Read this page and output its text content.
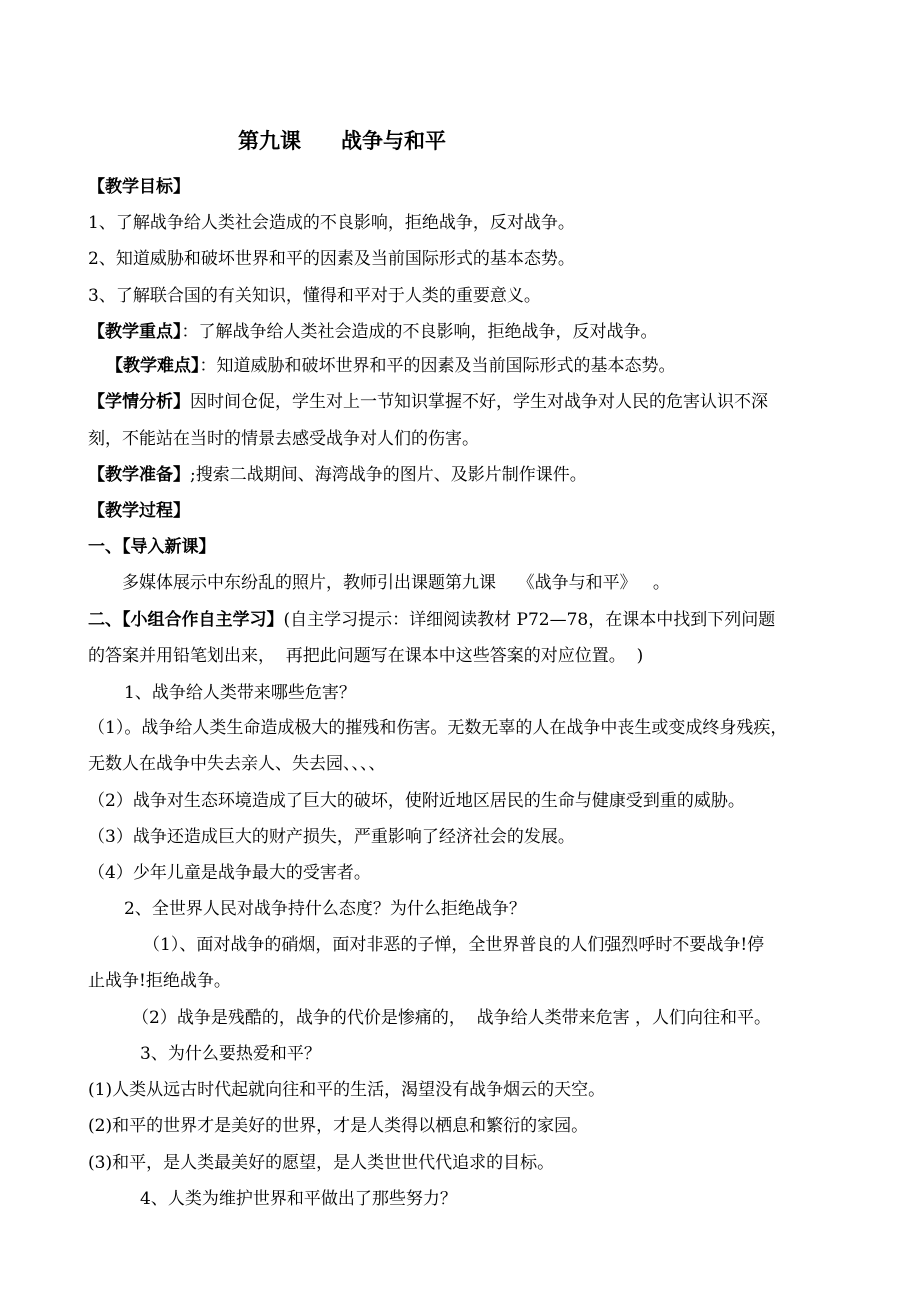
第九课 战争与和平
【教学目标】
1、了解战争给人类社会造成的不良影响，拒绝战争，反对战争。
2、知道威胁和破坏世界和平的因素及当前国际形式的基本态势。
3、了解联合国的有关知识，懂得和平对于人类的重要意义。
【教学重点】：了解战争给人类社会造成的不良影响，拒绝战争，反对战争。
【教学难点】：知道威胁和破坏世界和平的因素及当前国际形式的基本态势。
【学情分析】因时间仓促，学生对上一节知识掌握不好，学生对战争对人民的危害认识不深
刻，不能站在当时的情景去感受战争对人们的伤害。
【教学准备】;搜索二战期间、海湾战争的图片、及影片制作课件。
【教学过程】
一、【导入新课】
多媒体展示中东纷乱的照片，教师引出课题第九课    《战争与和平》   。
二、【小组合作自主学习】(自主学习提示：详细阅读教材 P72—78，在课本中找到下列问题
的答案并用铅笔划出来，  再把此问题写在课本中这些答案的对应位置。  )
1、战争给人类带来哪些危害？
（1）。战争给人类生命造成极大的摧残和伤害。无数无辜的人在战争中丧生或变成终身残疾，
无数人在战争中失去亲人、失去园、、、、
（2）战争对生态环境造成了巨大的破坏，使附近地区居民的生命与健康受到重的威胁。
（3）战争还造成巨大的财产损失，严重影响了经济社会的发展。
（4）少年儿童是战争最大的受害者。
2、全世界人民对战争持什么态度？为什么拒绝战争？
（1）、面对战争的硝烟，面对非恶的子惮，全世界普良的人们强烈呼时不要战争!停
止战争!拒绝战争。
（2）战争是残酷的，战争的代价是惨痛的，  战争给人类带来危害 ，人们向往和平。
3、为什么要热爱和平？
(1)人类从远古时代起就向往和平的生活，渴望没有战争烟云的天空。
(2)和平的世界才是美好的世界，才是人类得以栖息和繁衍的家园。
(3)和平，是人类最美好的愿望，是人类世世代代追求的目标。
4、人类为维护世界和平做出了那些努力？
